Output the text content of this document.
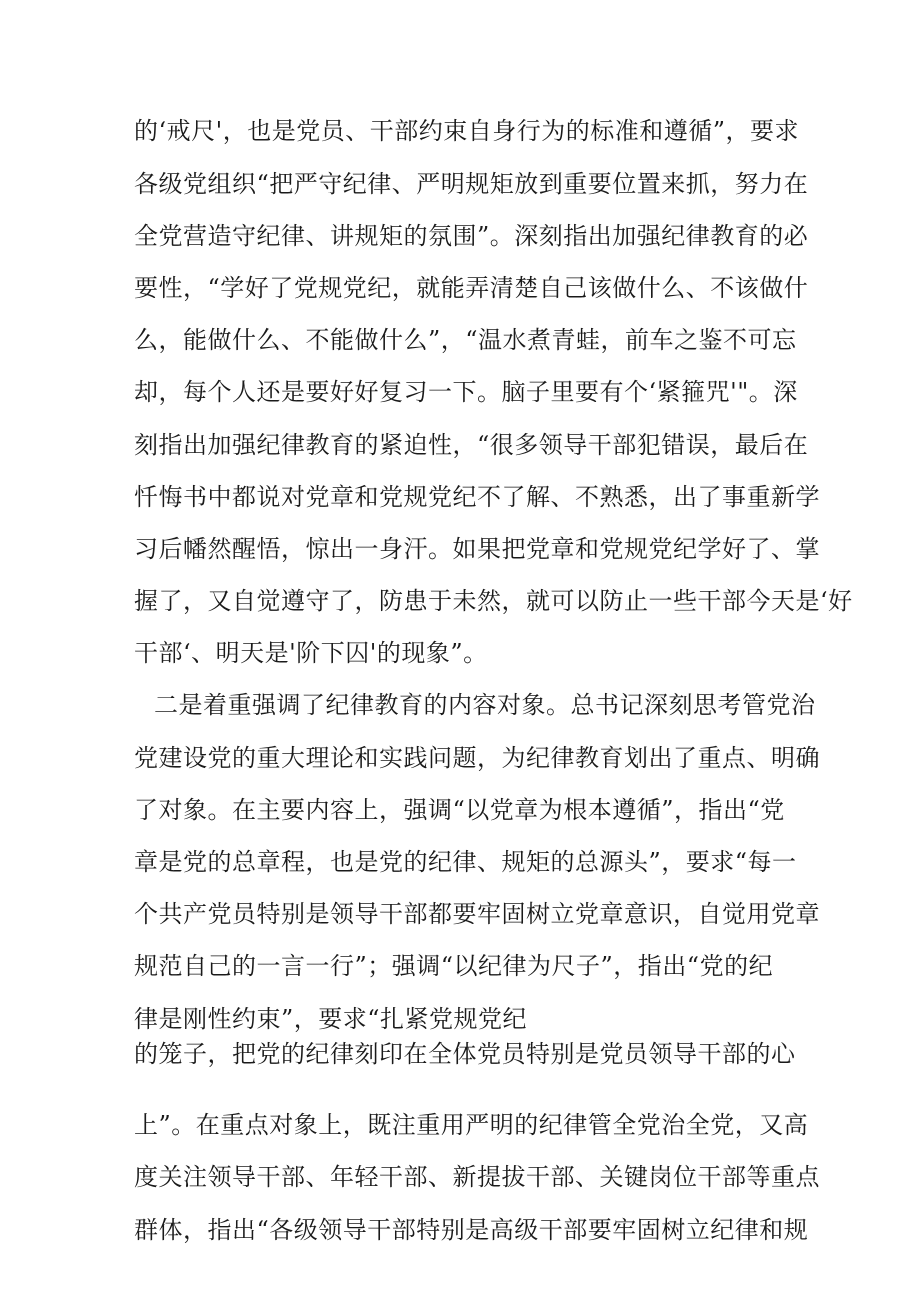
的‘戒尺'，也是党员、干部约束自身行为的标准和遵循”，要求
各级党组织“把严守纪律、严明规矩放到重要位置来抓，努力在
全党营造守纪律、讲规矩的氛围”。深刻指出加强纪律教育的必
要性，“学好了党规党纪，就能弄清楚自己该做什么、不该做什
么，能做什么、不能做什么”，“温水煮青蛙，前车之鉴不可忘
却，每个人还是要好好复习一下。脑子里要有个‘紧箍咒'"。深
刻指出加强纪律教育的紧迫性，“很多领导干部犯错误，最后在
忏悔书中都说对党章和党规党纪不了解、不熟悉，出了事重新学
习后幡然醒悟，惊出一身汗。如果把党章和党规党纪学好了、掌
握了，又自觉遵守了，防患于未然，就可以防止一些干部今天是‘好
干部‘、明天是'阶下囚'的现象”。
二是着重强调了纪律教育的内容对象。总书记深刻思考管党治
党建设党的重大理论和实践问题，为纪律教育划出了重点、明确
了对象。在主要内容上，强调“以党章为根本遵循”，指出“党
章是党的总章程，也是党的纪律、规矩的总源头”，要求“每一
个共产党员特别是领导干部都要牢固树立党章意识，自觉用党章
规范自己的一言一行”；强调“以纪律为尺子”，指出“党的纪
律是刚性约束”，要求“扎紧党规党纪
的笼子，把党的纪律刻印在全体党员特别是党员领导干部的心
上”。在重点对象上，既注重用严明的纪律管全党治全党，又高
度关注领导干部、年轻干部、新提拔干部、关键岗位干部等重点
群体，指出“各级领导干部特别是高级干部要牢固树立纪律和规
